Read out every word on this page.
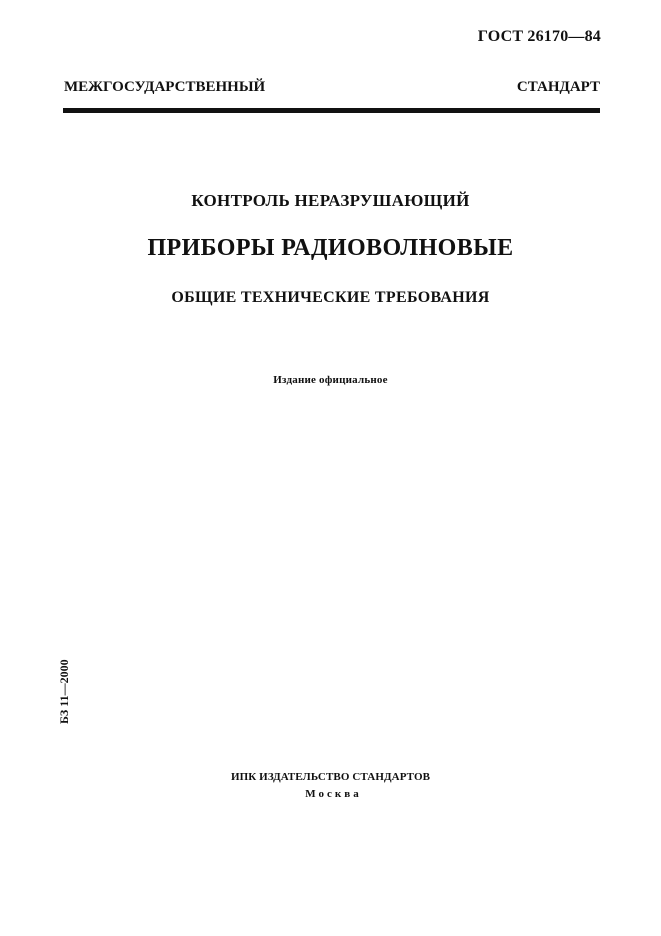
ГОСТ 26170—84
МЕЖГОСУДАРСТВЕННЫЙ СТАНДАРТ
КОНТРОЛЬ НЕРАЗРУШАЮЩИЙ
ПРИБОРЫ РАДИОВОЛНОВЫЕ
ОБЩИЕ ТЕХНИЧЕСКИЕ ТРЕБОВАНИЯ
Издание официальное
БЗ 11—2000
ИПК ИЗДАТЕЛЬСТВО СТАНДАРТОВ
Москва
